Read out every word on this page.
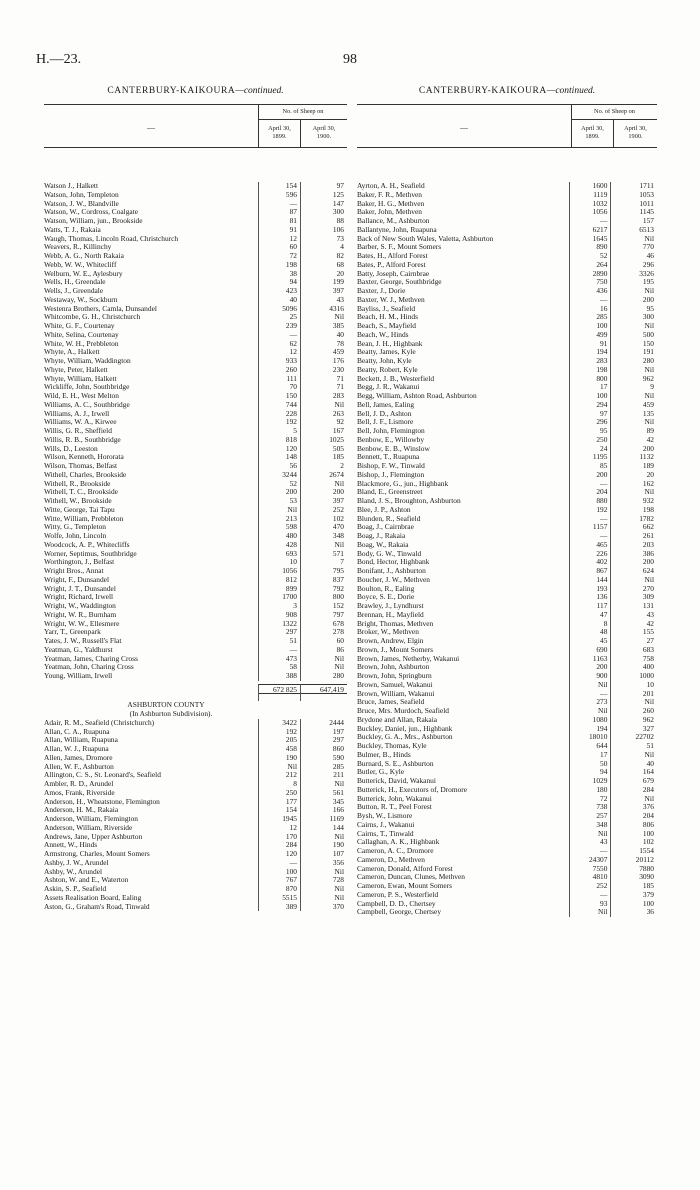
H.—23.	98
CANTERBURY-KAIKOURA—continued.
—
No. of Sheep on
April 30,
1899.
April 30,
1900.
Watson J., Halkett	154	97
Watson, John, Templeton	596	125
Watson, J. W., Blandville	—	147
Watson, W., Cordross, Coalgate	87	300
Watson, William, jun., Brookside	81	88
Watts, T. J., Rakaia	91	106
Waugh, Thomas, Lincoln Road, Christchurch	12	73
Weavers, R., Killinchy	60	4
Webb, A. G., North Rakaia	72	82
Webb, W. W., Whitecliff	198	68
Welburn, W. E., Aylesbury	38	20
Wells, H., Greendale	94	199
Wells, J., Greendale	423	397
Westaway, W., Sockburn	40	43
Westenra Brothers, Camla, Dunsandel	5096	4316
Whitcombe, G. H., Christchurch	25	Nil
White, G. F., Courtenay	239	385
White, Selina, Courtenay	—	40
White, W. H., Prebbleton	62	78
Whyte, A., Halkett	12	459
Whyte, William, Waddington	933	176
Whyte, Peter, Halkett	260	230
Whyte, William, Halkett	111	71
Wickliffe, John, Southbridge	70	71
Wild, E. H., West Melton	150	283
Williams, A. C., Southbridge	744	Nil
Williams, A. J., Irwell	228	263
Williams, W. A., Kirwee	192	92
Willis, G. R., Sheffield	5	167
Willis, R. B., Southbridge	818	1025
Wills, D., Leeston	120	505
Wilson, Kenneth, Hororata	148	185
Wilson, Thomas, Belfast	56	2
Withell, Charles, Brookside	3244	2674
Withell, R., Brookside	52	Nil
Withell, T. C., Brookside	200	200
Withell, W., Brookside	53	397
Witte, George, Tai Tapu	Nil	252
Witte, William, Prebbleton	213	102
Witty, G., Templeton	598	470
Wolfe, John, Lincoln	480	348
Woodcock, A. P., Whitecliffs	428	Nil
Worner, Septimus, Southbridge	693	571
Worthington, J., Belfast	10	7
Wright Bros., Annat	1056	795
Wright, F., Dunsandel	812	837
Wright, J. T., Dunsandel	899	792
Wright, Richard, Irwell	1700	800
Wright, W., Waddington	3	152
Wright, W. R., Burnham	908	797
Wright, W. W., Ellesmere	1322	678
Yarr, T., Greenpark	297	278
Yates, J. W., Russell's Flat	51	60
Yeatman, G., Yaldhurst	—	86
Yeatman, James, Charing Cross	473	Nil
Yeatman, John, Charing Cross	58	Nil
Young, William, Irwell	388	280
672 825	647,419
ASHBURTON COUNTY
(In Ashburton Subdivision).
Adair, R. M., Seafield (Christchurch)	3422	2444
Allan, C. A., Ruapuna	192	197
Allan, William, Ruapuna	205	297
Allan, W. J., Ruapuna	458	860
Allen, James, Dromore	190	590
Allen, W. F., Ashburton	Nil	285
Allington, C. S., St. Leonard's, Seafield	212	211
Ambler, R. D., Arundel	8	Nil
Amos, Frank, Riverside	250	561
Anderson, H., Wheatstone, Flemington	177	345
Anderson, H. M., Rakaia	154	166
Anderson, William, Flemington	1945	1169
Anderson, William, Riverside	12	144
Andrews, Jane, Upper Ashburton	170	Nil
Annett, W., Hinds	284	190
Armstrong, Charles, Mount Somers	120	107
Ashby, J. W., Arundel	—	356
Ashby, W., Arundel	100	Nil
Ashton, W. and E., Waterton	767	728
Askin, S. P., Seafield	870	Nil
Assets Realisation Board, Ealing	5515	Nil
Aston, G., Graham's Road, Tinwald	389	370
CANTERBURY-KAIKOURA—continued.
—
No. of Sheep on
April 30,
1899.
April 30,
1900.
Ayrton, A. H., Seafield	1600	1711
Baker, F. R., Methven	1119	1053
Baker, H. G., Methven	1032	1011
Baker, John, Methven	1056	1145
Ballance, M., Ashburton	—	157
Ballantyne, John, Ruapuna	6217	6513
Back of New South Wales, Valetta, Ashburton	1645	Nil
Barber, S. F., Mount Somers	890	770
Bates, H., Alford Forest	52	46
Bates, P., Alford Forest	264	296
Batty, Joseph, Cairnbrae	2890	3326
Baxter, George, Southbridge	750	195
Baxter, J., Dorie	436	Nil
Baxter, W. J., Methven	—	200
Bayliss, J., Seafield	16	95
Beach, H. M., Hinds	285	300
Beach, S., Mayfield	100	Nil
Beach, W., Hinds	499	500
Bean, J. H., Highbank	91	150
Beatty, James, Kyle	194	191
Beatty, John, Kyle	283	280
Beatty, Robert, Kyle	198	Nil
Beckett, J. B., Westerfield	800	962
Begg, J. R., Wakanui	17	9
Begg, William, Ashton Road, Ashburton	100	Nil
Bell, James, Ealing	294	459
Bell, J. D., Ashton	97	135
Bell, J. F., Lismore	296	Nil
Bell, John, Flemington	95	89
Benbow, E., Willowby	250	42
Benbow, E. B., Winslow	24	200
Bennett, T., Ruapuna	1195	1132
Bishop, F. W., Tinwald	85	189
Bishop, J., Flemington	200	20
Blackmore, G., jun., Highbank	—	162
Bland, E., Greenstreet	204	Nil
Bland, J. S., Broughton, Ashburton	880	932
Blee, J. P., Ashton	192	198
Blunden, R., Seafield	—	1782
Boag, J., Cairnbrae	1157	662
Boag, J., Rakaia	—	261
Boag, W., Rakaia	465	203
Body, G. W., Tinwald	226	386
Bond, Hector, Highbank	402	200
Bonifant, J., Ashburton	867	624
Boucher, J. W., Methven	144	Nil
Boulton, R., Ealing	193	270
Boyce, S. E., Dorie	136	309
Brawley, J., Lyndhurst	117	131
Brennan, H., Mayfield	47	43
Bright, Thomas, Methven	8	42
Broker, W., Methven	48	155
Brown, Andrew, Elgin	45	27
Brown, J., Mount Somers	690	683
Brown, James, Netherby, Wakanui	1163	758
Brown, John, Ashburton	200	400
Brown, John, Springburn	900	1000
Brown, Samuel, Wakanui	Nil	10
Brown, William, Wakanui	—	201
Bruce, James, Seafield	273	Nil
Bruce, Mrs. Murdoch, Seafield	Nil	260
Brydone and Allan, Rakaia	1080	962
Buckley, Daniel, jun., Highbank	194	327
Buckley, G. A., Mrs., Ashburton	18010	22702
Buckley, Thomas, Kyle	644	51
Bulmer, B., Hinds	17	Nil
Burnard, S. E., Ashburton	50	40
Butler, G., Kyle	94	164
Butterick, David, Wakanui	1029	679
Butterick, H., Executors of, Dromore	180	284
Butterick, John, Wakanui	72	Nil
Button, R. T., Peel Forest	738	376
Bysh, W., Lismore	257	204
Cairns, J., Wakanui	348	806
Cairns, T., Tinwald	Nil	100
Callaghan, A. K., Highbank	43	102
Cameron, A. C., Dromore	—	1554
Cameron, D., Methven	24307	20112
Cameron, Donald, Alford Forest	7550	7880
Cameron, Duncan, Clunes, Methven	4810	3090
Cameron, Ewan, Mount Somers	252	185
Cameron, P. S., Westerfield	—	379
Campbell, D. D., Chertsey	93	100
Campbell, George, Chertsey	Nil	36
